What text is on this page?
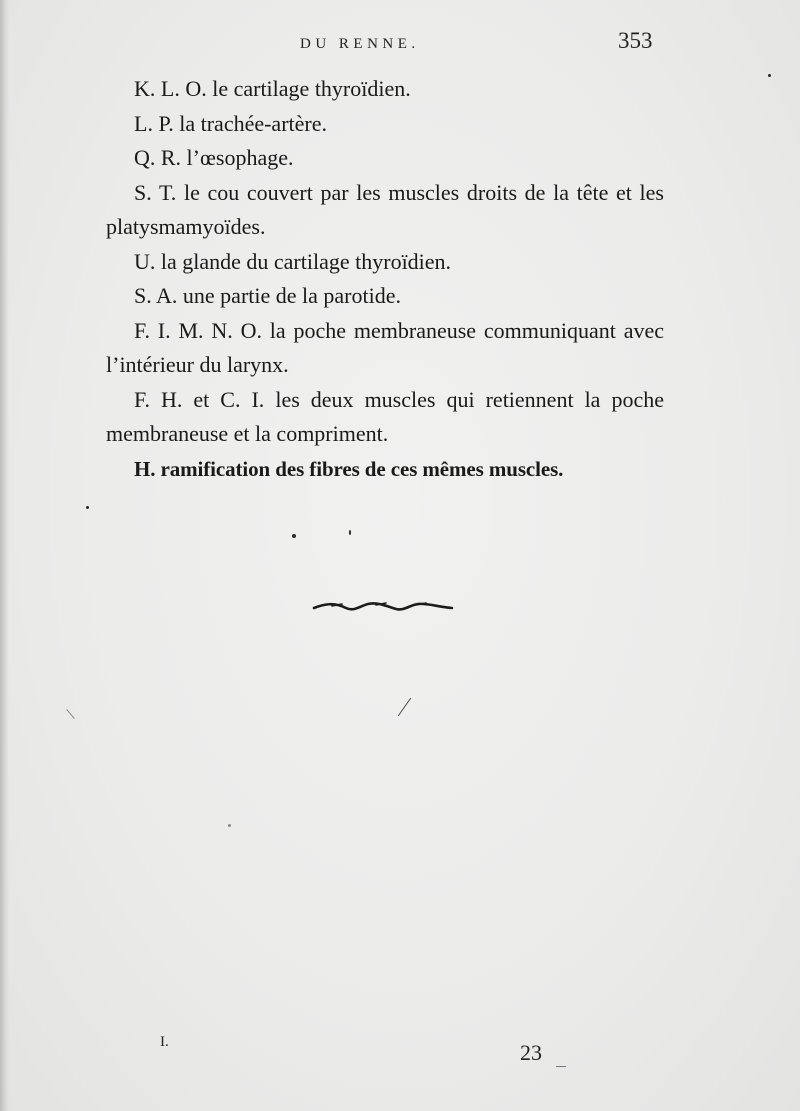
DU RENNE.	353

K. L. O. le cartilage thyroïdien.

L. P. la trachée-artère.

Q. R. l’œsophage.

S. T. le cou couvert par les muscles droits de la tête et les platysmamyoïdes.

U. la glande du cartilage thyroïdien.

S. A. une partie de la parotide.

F. I. M. N. O. la poche membraneuse communiquant avec l’intérieur du larynx.

F. H. et C. I. les deux muscles qui retiennent la poche membraneuse et la compriment.

H. ramification des fibres de ces mêmes muscles.

I.	23
